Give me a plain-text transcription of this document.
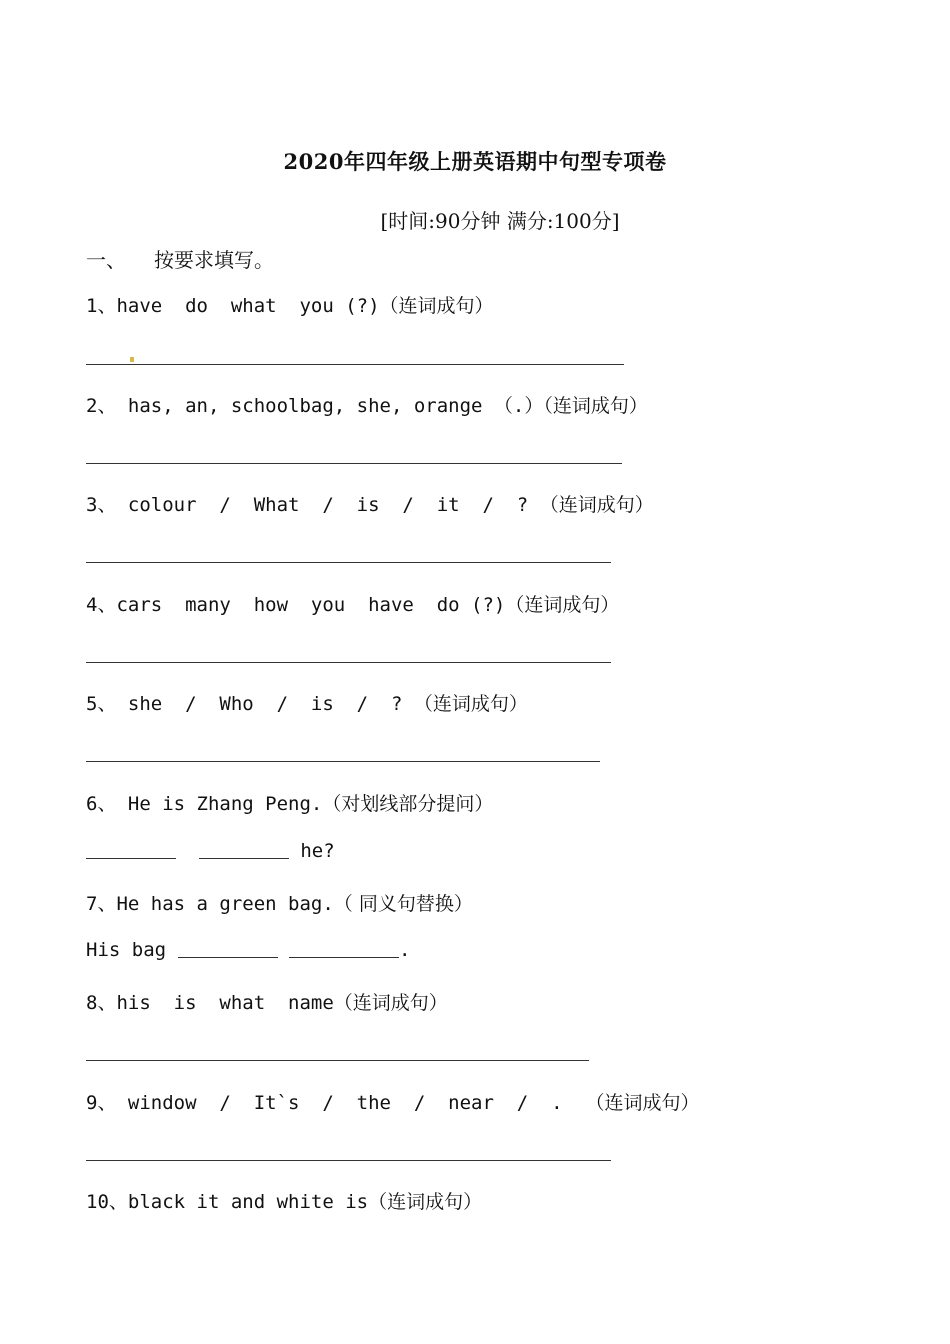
2020年四年级上册英语期中句型专项卷
[时间:90分钟 满分:100分]
一、 按要求填写。
1、have  do  what  you (?)（连词成句）
2、 has, an, schoolbag, she, orange （.）（连词成句）
3、 colour  /  What  /  is  /  it  /  ? （连词成句）
4、cars  many  how  you  have  do (?)（连词成句）
5、 she  /  Who  /  is  /  ? （连词成句）
6、 He is Zhang Peng.（对划线部分提问）
he?
7、He has a green bag.（ 同义句替换）
His bag	.
8、his  is  what  name（连词成句）
9、 window  /  It`s  /  the  /  near  /  .  （连词成句）
10、black it and white is（连词成句）
